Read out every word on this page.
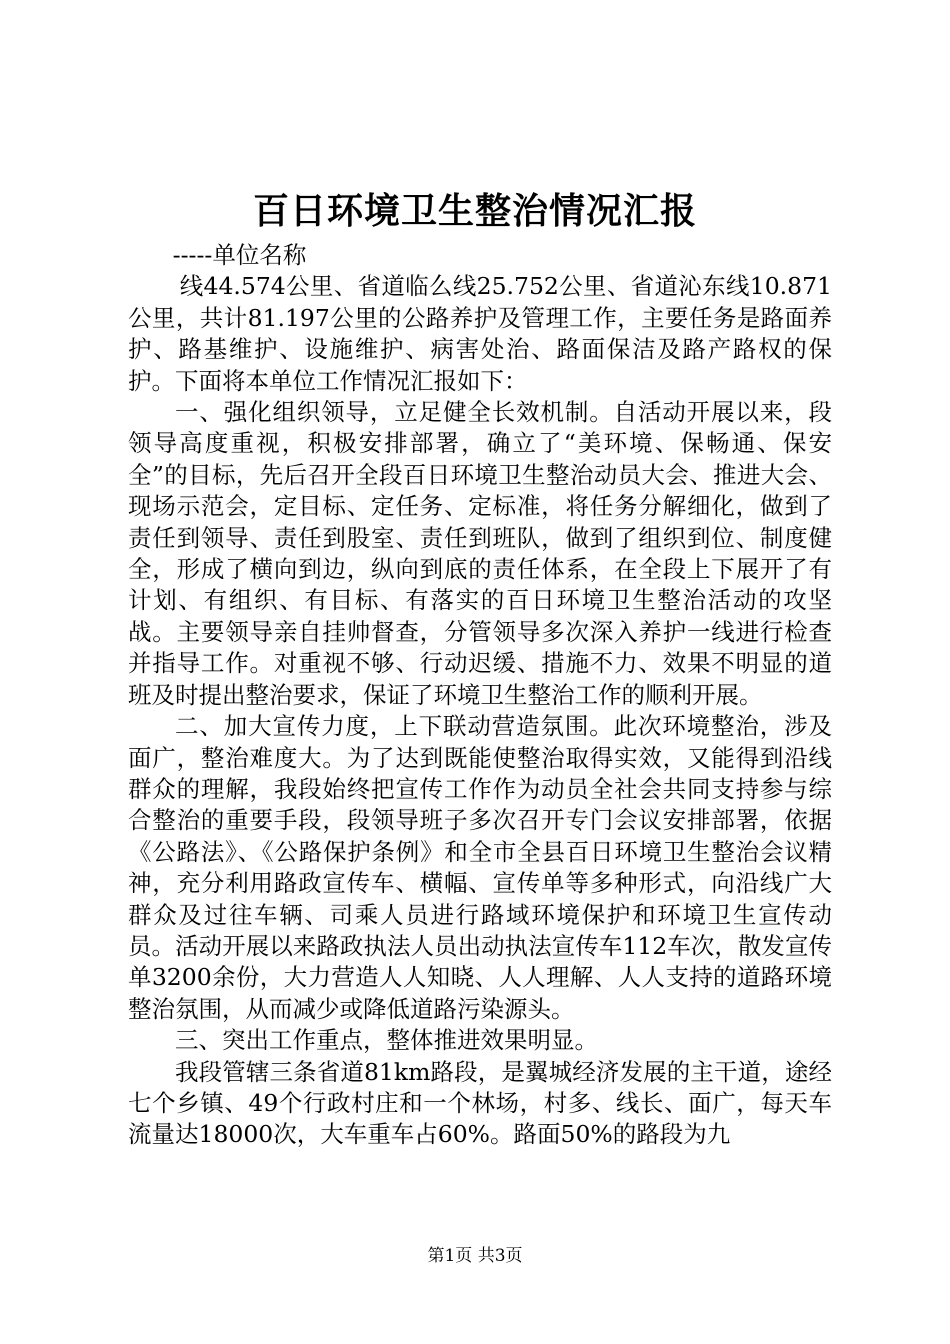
百日环境卫生整治情况汇报

-----单位名称

线44.574公里、省道临么线25.752公里、省道沁东线10.871公里，共计81.197公里的公路养护及管理工作，主要任务是路面养护、路基维护、设施维护、病害处治、路面保洁及路产路权的保护。下面将本单位工作情况汇报如下：

一、强化组织领导，立足健全长效机制。自活动开展以来，段领导高度重视，积极安排部署，确立了“美环境、保畅通、保安全”的目标，先后召开全段百日环境卫生整治动员大会、推进大会、现场示范会，定目标、定任务、定标准，将任务分解细化，做到了责任到领导、责任到股室、责任到班队，做到了组织到位、制度健全，形成了横向到边，纵向到底的责任体系，在全段上下展开了有计划、有组织、有目标、有落实的百日环境卫生整治活动的攻坚战。主要领导亲自挂帅督查，分管领导多次深入养护一线进行检查并指导工作。对重视不够、行动迟缓、措施不力、效果不明显的道班及时提出整治要求，保证了环境卫生整治工作的顺利开展。

二、加大宣传力度，上下联动营造氛围。此次环境整治，涉及面广，整治难度大。为了达到既能使整治取得实效，又能得到沿线群众的理解，我段始终把宣传工作作为动员全社会共同支持参与综合整治的重要手段，段领导班子多次召开专门会议安排部署，依据《公路法》、《公路保护条例》和全市全县百日环境卫生整治会议精神，充分利用路政宣传车、横幅、宣传单等多种形式，向沿线广大群众及过往车辆、司乘人员进行路域环境保护和环境卫生宣传动员。活动开展以来路政执法人员出动执法宣传车112车次，散发宣传单3200余份，大力营造人人知晓、人人理解、人人支持的道路环境整治氛围，从而减少或降低道路污染源头。

三、突出工作重点，整体推进效果明显。

我段管辖三条省道81km路段，是翼城经济发展的主干道，途经七个乡镇、49个行政村庄和一个林场，村多、线长、面广，每天车流量达18000次，大车重车占60%。路面50%的路段为九

第1页 共3页
